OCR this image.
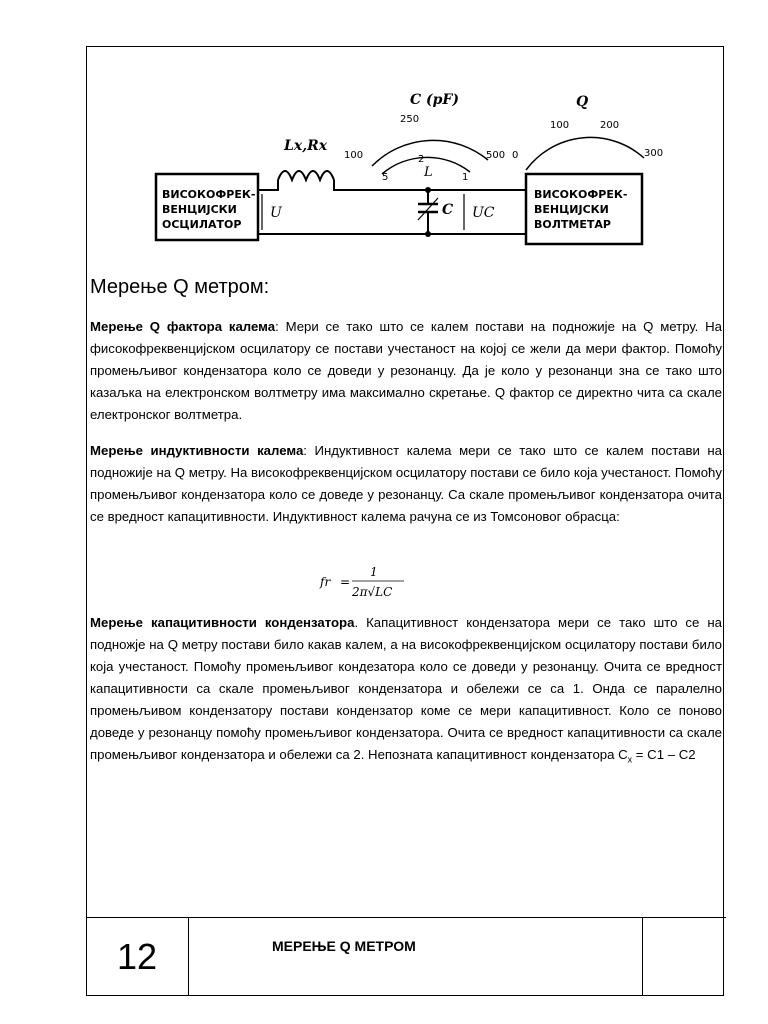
ВИСОКОФРЕК-
ВЕНЦИЈСКИ
ОСЦИЛАТОР
ВИСОКОФРЕК-
ВЕНЦИЈСКИ
ВОЛТМЕТАР
Lx,Rx
U	C UC
C (pF)
100
250
500
5
2
1
L
Q
0
100	200
300
Мерење Q метром:

Мерење Q фактора калема: Мери се тако што се калем постави на подножије на Q метру. На фисокофреквенцијском осцилатору се постави учестаност на којој се жели да мери фактор. Помоћу промењљивог кондензатора коло се доведи у резонанцу. Да је коло у резонанци зна се тако што казаљка на електронском волтметру има максимално скретање. Q фактор се директно чита са скале електронског волтметра.

Мерење индуктивности калема: Индуктивност калема мери се тако што се калем постави на подножије на Q метру. На високофреквенцијском осцилатору постави се било која учестаност. Помоћу промењљивог кондензатора коло се доведе у резонанцу. Са скале промењљивог кондензатора очита се вредност капацитивности. Индуктивност калема рачуна се из Томсоновог обрасца:

fr =
1
2π√LC

Мерење капацитивности кондензатора. Капацитивност кондензатора мери се тако што се на подножје на Q метру постави било какав калем, а на високофреквенцијском осцилатору постави било која учестаност. Помоћу промењљивог кондезатора коло се доведи у резонанцу. Очита се вредност капацитивности са скале промењљивог кондензатора и обележи се са 1. Онда се паралелно промењљивом кондензатору постави кондензатор коме се мери капацитивност. Коло се поново доведе у резонанцу помоћу промењљивог кондензатора. Очита се вредност капацитивности са скале промењљивог кондензатора и обележи са 2. Непозната капацитивност кондензатора $C_x = C1 - C2$

12	МЕРЕЊЕ Q МЕТРОМ
